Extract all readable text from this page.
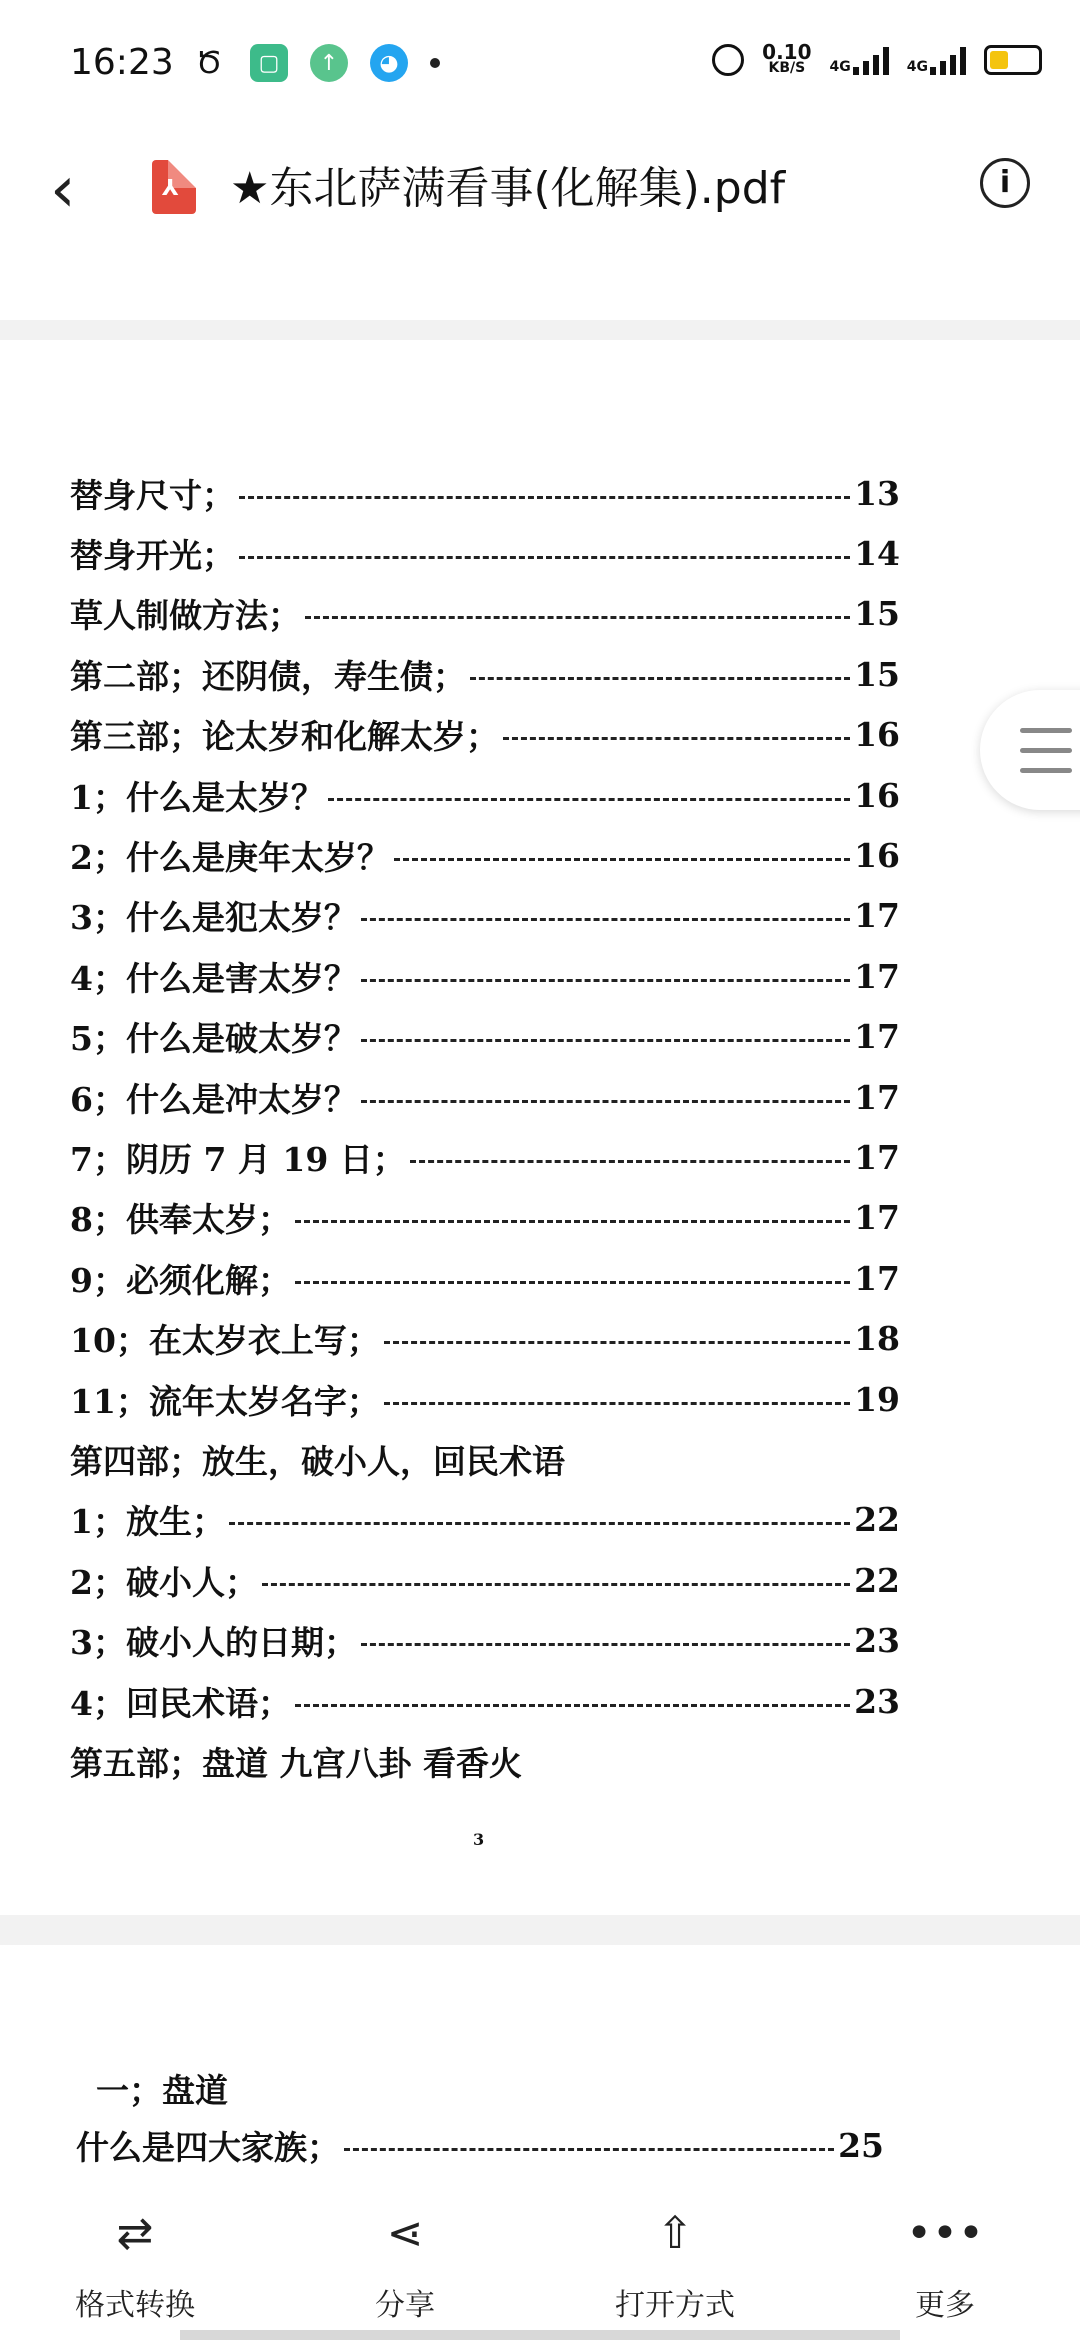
16:23 Ծ	▢	↑	◕	0.10
KB/S	4G	4G
‹	⅄ ★东北萨满看事(化解集).pdf	i
替身尺寸；	13
替身开光；	14
草人制做方法；	15
第二部；还阴债，寿生债；	15
第三部；论太岁和化解太岁；	16
1；什么是太岁？	16
2；什么是庚年太岁？	16
3；什么是犯太岁？	17
4；什么是害太岁？	17
5；什么是破太岁？	17
6；什么是冲太岁？	17
7；阴历 7 月 19 日；	17
8；供奉太岁；	17
9；必须化解；	17
10；在太岁衣上写；	18
11；流年太岁名字；	19
第四部；放生，破小人，回民术语
1；放生；	22
2；破小人；	22
3；破小人的日期；	23
4；回民术语；	23
第五部；盘道 九宫八卦 看香火
3
一；盘道
什么是四大家族；	25
⇄
格式转换
⋖
分享
⇧
打开方式
•••
更多
